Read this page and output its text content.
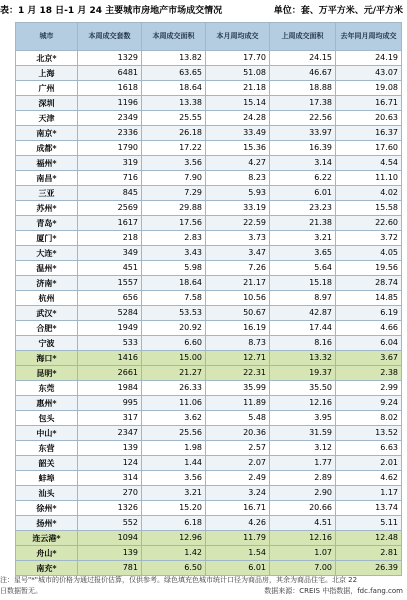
表：1 月 18 日-1 月 24 主要城市房地产市场成交情况	单位：套、万平方米、元/平方米
城市	本周成交套数	本周成交面积	本月周均成交	上周成交面积	去年同月周均成交
北京*	1329	13.82	17.70	24.15	24.19
上海	6481	63.65	51.08	46.67	43.07
广州	1618	18.64	21.18	18.88	19.08
深圳	1196	13.38	15.14	17.38	16.71
天津	2349	25.55	24.28	22.56	20.63
南京*	2336	26.18	33.49	33.97	16.37
成都*	1790	17.22	15.36	16.39	17.60
福州*	319	3.56	4.27	3.14	4.54
南昌*	716	7.90	8.23	6.22	11.10
三亚	845	7.29	5.93	6.01	4.02
苏州*	2569	29.88	33.19	23.23	15.58
青岛*	1617	17.56	22.59	21.38	22.60
厦门*	218	2.83	3.73	3.21	3.72
大连*	349	3.43	3.47	3.65	4.05
温州*	451	5.98	7.26	5.64	19.56
济南*	1557	18.64	21.17	15.18	28.74
杭州	656	7.58	10.56	8.97	14.85
武汉*	5284	53.53	50.67	42.87	6.19
合肥*	1949	20.92	16.19	17.44	4.66
宁波	533	6.60	8.73	8.16	6.04
海口*	1416	15.00	12.71	13.32	3.67
昆明*	2661	21.27	22.31	19.37	2.38
东莞	1984	26.33	35.99	35.50	2.99
惠州*	995	11.06	11.89	12.16	9.24
包头	317	3.62	5.48	3.95	8.02
中山*	2347	25.56	20.36	31.59	13.52
东营	139	1.98	2.57	3.12	6.63
韶关	124	1.44	2.07	1.77	2.01
蚌埠	314	3.56	2.49	2.89	4.62
汕头	270	3.21	3.24	2.90	1.17
徐州*	1326	15.20	16.71	20.66	13.74
扬州*	552	6.18	4.26	4.51	5.11
连云港*	1094	12.96	11.79	12.16	12.48
舟山*	139	1.42	1.54	1.07	2.81
南充*	781	6.50	6.01	7.00	26.39
注：星号"*"城市的价格为通过报价估算，仅供参考。绿色填充色城市统计口径为商品房，其余为商品住宅。北京 22
日数据暂无。	数据来源：CREIS 中指数据，fdc.fang.com
